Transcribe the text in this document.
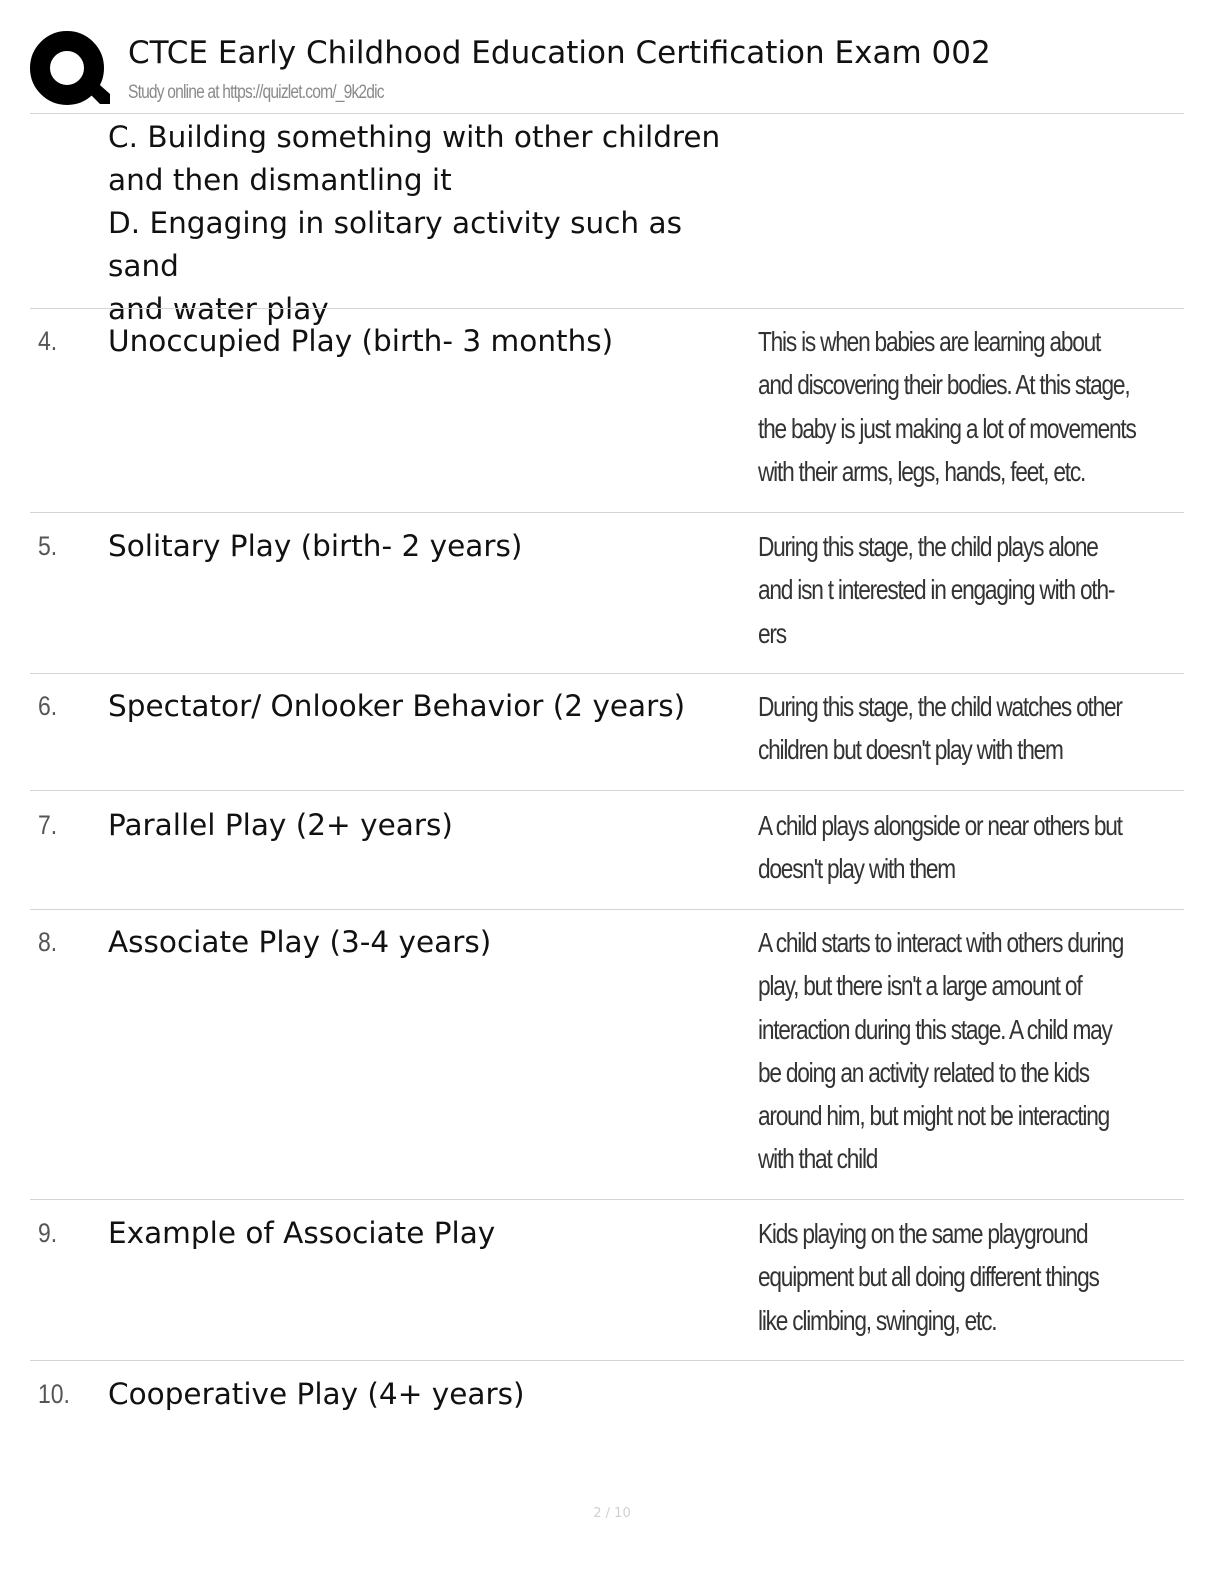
CTCE Early Childhood Education Certification Exam 002
Study online at https://quizlet.com/_9k2dic
C. Building something with other children
and then dismantling it
D. Engaging in solitary activity such as sand
and water play
4. Unoccupied Play (birth- 3 months)	This is when babies are learning about
and discovering their bodies. At this stage,
the baby is just making a lot of movements
with their arms, legs, hands, feet, etc.
5. Solitary Play (birth- 2 years)	During this stage, the child plays alone
and isn t interested in engaging with oth-
ers
6. Spectator/ Onlooker Behavior (2 years)	During this stage, the child watches other
children but doesn't play with them
7. Parallel Play (2+ years)	A child plays alongside or near others but
doesn't play with them
8. Associate Play (3-4 years)	A child starts to interact with others during
play, but there isn't a large amount of
interaction during this stage. A child may
be doing an activity related to the kids
around him, but might not be interacting
with that child
9. Example of Associate Play	Kids playing on the same playground
equipment but all doing different things
like climbing, swinging, etc.
10. Cooperative Play (4+ years)
2 / 10
